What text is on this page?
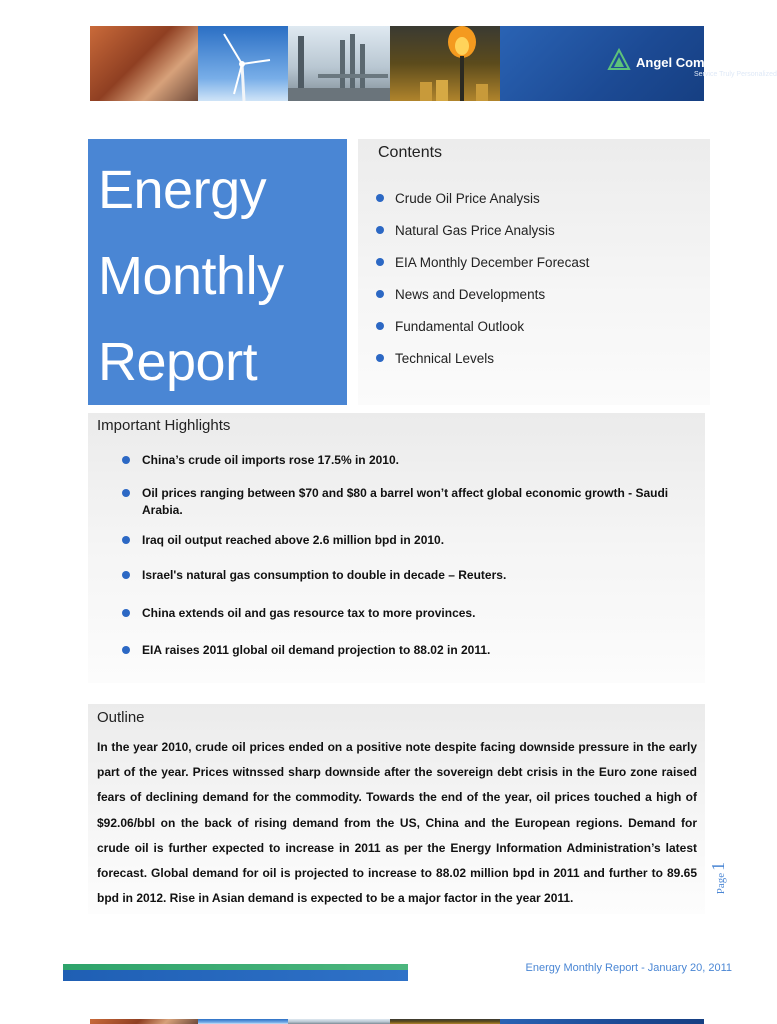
Angel Commodities
Service Truly Personalized
Energy
Monthly
Report
Contents
Crude Oil Price Analysis
Natural Gas Price Analysis
EIA Monthly December Forecast
News and Developments
Fundamental Outlook
Technical Levels
Important Highlights
China’s crude oil imports rose 17.5% in 2010.
Oil prices ranging between $70 and $80 a barrel won’t affect global economic growth - Saudi Arabia.
Iraq oil output reached above 2.6 million bpd in 2010.
Israel's natural gas consumption to double in decade – Reuters.
China extends oil and gas resource tax to more provinces.
EIA raises 2011 global oil demand projection to 88.02 in 2011.
Outline

In the year 2010, crude oil prices ended on a positive note despite facing downside pressure in the early part of the year. Prices witnssed sharp downside after the sovereign debt crisis in the Euro zone raised fears of declining demand for the commodity. Towards the end of the year, oil prices touched a high of $92.06/bbl on the back of rising demand from the US, China and the European regions. Demand for crude oil is further expected to increase in 2011 as per the Energy Information Administration’s latest forecast. Global demand for oil is projected to increase to 88.02 million bpd in 2011 and further to 89.65 bpd in 2012. Rise in Asian demand is expected to be a major factor in the year 2011.

Page
1
Energy Monthly Report - January 20, 2011
